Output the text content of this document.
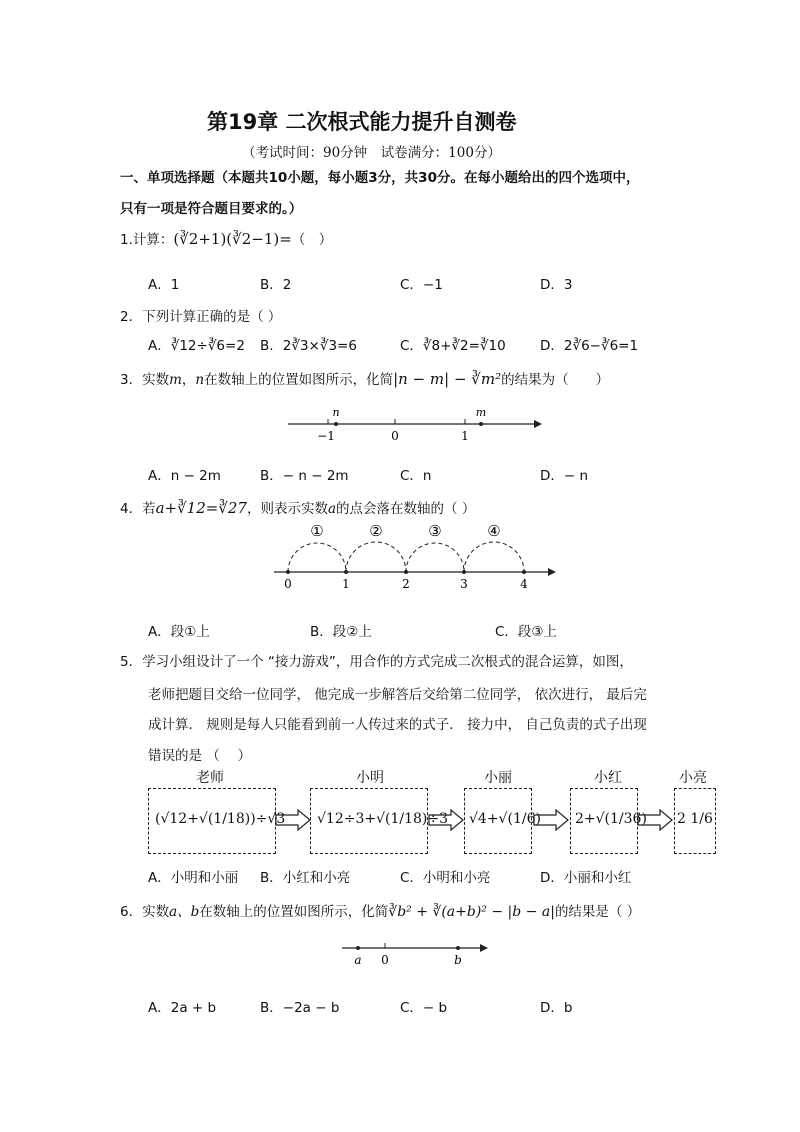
第19章 二次根式能力提升自测卷
（考试时间：90分钟　试卷满分：100分）
一、单项选择题（本题共10小题，每小题3分，共30分。在每小题给出的四个选项中，
只有一项是符合题目要求的。）
1.计算：(∛2+1)(∛2−1)=（　）
A．1	B．2	C．−1	D．3
2．下列计算正确的是（ ）
A．∛12÷∛6=2 B．2∛3×∛3=6	C．∛8+∛2=∛10	D．2∛6−∛6=1
3．实数m，n在数轴上的位置如图所示，化简|n − m| − ∛m²的结果为（　　）
n	m
−1	0	1
A．n − 2m	B．− n − 2m	C．n	D．− n
4．若a+∛12=∛27，则表示实数a的点会落在数轴的（ ）
①	②	③	④
0	1	2	3	4
A．段①上	B．段②上	C．段③上
5．学习小组设计了一个 “接力游戏”，用合作的方式完成二次根式的混合运算，如图，
老师把题目交给一位同学， 他完成一步解答后交给第二位同学， 依次进行， 最后完
成计算． 规则是每人只能看到前一人传过来的式子． 接力中， 自己负责的式子出现
错误的是 （　 ）
老师	小明	小丽	小红	小亮
(√12+√(1/18))÷√3 √12÷3+√(1/18)÷3 √4+√(1/6) 2+√(1/36) 2 1/6
A．小明和小丽 B．小红和小亮	C．小明和小亮	D．小丽和小红
6．实数a、b在数轴上的位置如图所示，化简∛b² + ∛(a+b)² − |b − a|的结果是（ ）
a 0	b
A．2a + b	B．−2a − b	C．− b	D．b
